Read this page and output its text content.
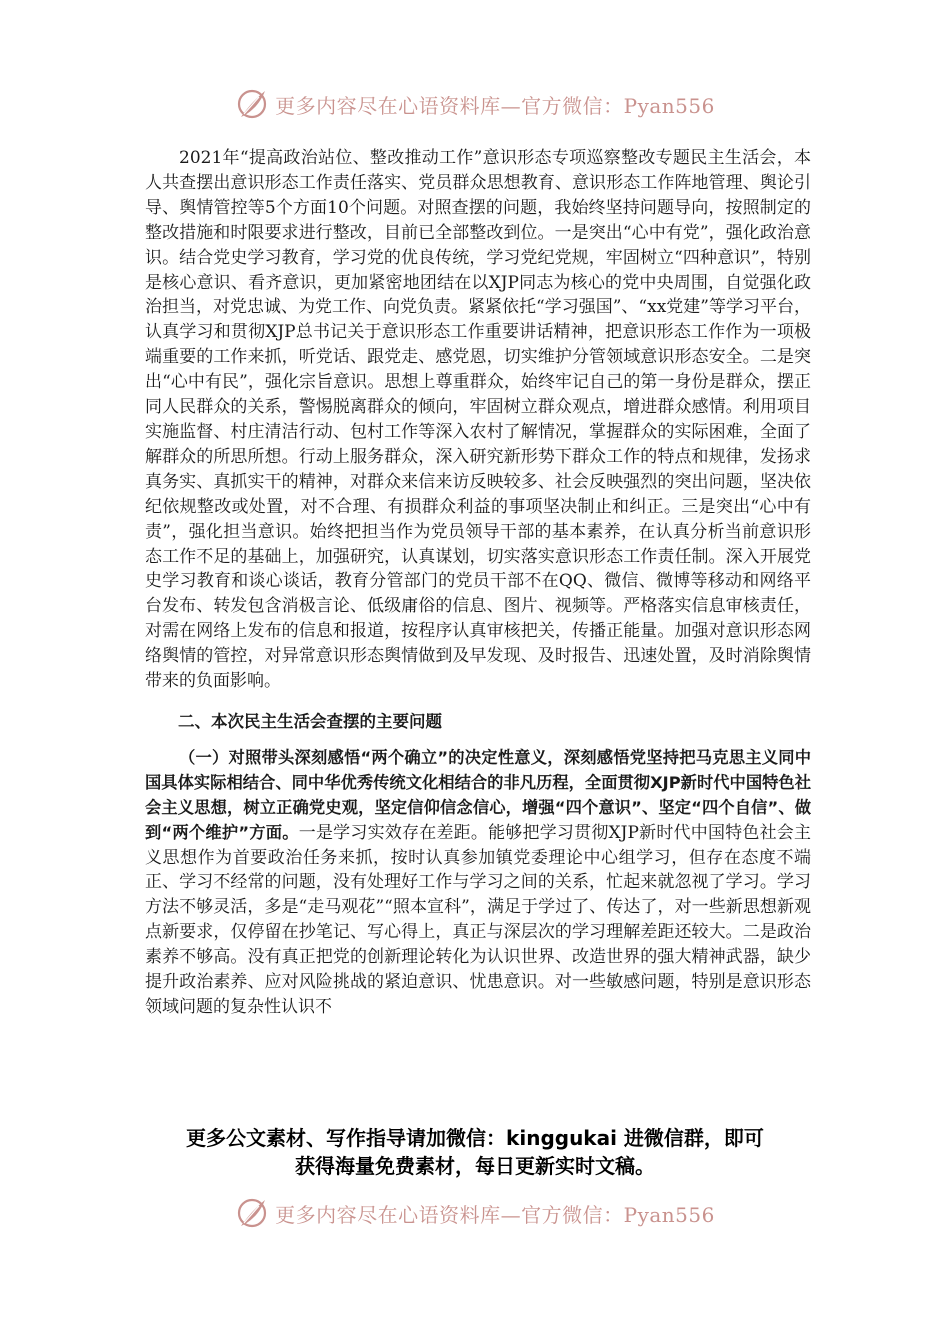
更多内容尽在心语资料库—官方微信：Pyan556

2021年“提高政治站位、整改推动工作”意识形态专项巡察整改专题民主生活会，本人共查摆出意识形态工作责任落实、党员群众思想教育、意识形态工作阵地管理、舆论引导、舆情管控等5个方面10个问题。对照查摆的问题，我始终坚持问题导向，按照制定的整改措施和时限要求进行整改，目前已全部整改到位。一是突出“心中有党”，强化政治意识。结合党史学习教育，学习党的优良传统，学习党纪党规，牢固树立“四种意识”，特别是核心意识、看齐意识，更加紧密地团结在以XJP同志为核心的党中央周围，自觉强化政治担当，对党忠诚、为党工作、向党负责。紧紧依托“学习强国”、“xx党建”等学习平台，认真学习和贯彻XJP总书记关于意识形态工作重要讲话精神，把意识形态工作作为一项极端重要的工作来抓，听党话、跟党走、感党恩，切实维护分管领域意识形态安全。二是突出“心中有民”，强化宗旨意识。思想上尊重群众，始终牢记自己的第一身份是群众，摆正同人民群众的关系，警惕脱离群众的倾向，牢固树立群众观点，增进群众感情。利用项目实施监督、村庄清洁行动、包村工作等深入农村了解情况，掌握群众的实际困难，全面了解群众的所思所想。行动上服务群众，深入研究新形势下群众工作的特点和规律，发扬求真务实、真抓实干的精神，对群众来信来访反映较多、社会反映强烈的突出问题，坚决依纪依规整改或处置，对不合理、有损群众利益的事项坚决制止和纠正。三是突出“心中有责”，强化担当意识。始终把担当作为党员领导干部的基本素养，在认真分析当前意识形态工作不足的基础上，加强研究，认真谋划，切实落实意识形态工作责任制。深入开展党史学习教育和谈心谈话，教育分管部门的党员干部不在QQ、微信、微博等移动和网络平台发布、转发包含消极言论、低级庸俗的信息、图片、视频等。严格落实信息审核责任，对需在网络上发布的信息和报道，按程序认真审核把关，传播正能量。加强对意识形态网络舆情的管控，对异常意识形态舆情做到及早发现、及时报告、迅速处置，及时消除舆情带来的负面影响。

二、本次民主生活会查摆的主要问题

（一）对照带头深刻感悟“两个确立”的决定性意义，深刻感悟党坚持把马克思主义同中国具体实际相结合、同中华优秀传统文化相结合的非凡历程，全面贯彻XJP新时代中国特色社会主义思想，树立正确党史观，坚定信仰信念信心，增强“四个意识”、坚定“四个自信”、做到“两个维护”方面。一是学习实效存在差距。能够把学习贯彻XJP新时代中国特色社会主义思想作为首要政治任务来抓，按时认真参加镇党委理论中心组学习，但存在态度不端正、学习不经常的问题，没有处理好工作与学习之间的关系，忙起来就忽视了学习。学习方法不够灵活，多是“走马观花”“照本宣科”，满足于学过了、传达了，对一些新思想新观点新要求，仅停留在抄笔记、写心得上，真正与深层次的学习理解差距还较大。二是政治素养不够高。没有真正把党的创新理论转化为认识世界、改造世界的强大精神武器，缺少提升政治素养、应对风险挑战的紧迫意识、忧患意识。对一些敏感问题，特别是意识形态领域问题的复杂性认识不

更多公文素材、写作指导请加微信：kinggukai 进微信群，即可
获得海量免费素材，每日更新实时文稿。
更多内容尽在心语资料库—官方微信：Pyan556
